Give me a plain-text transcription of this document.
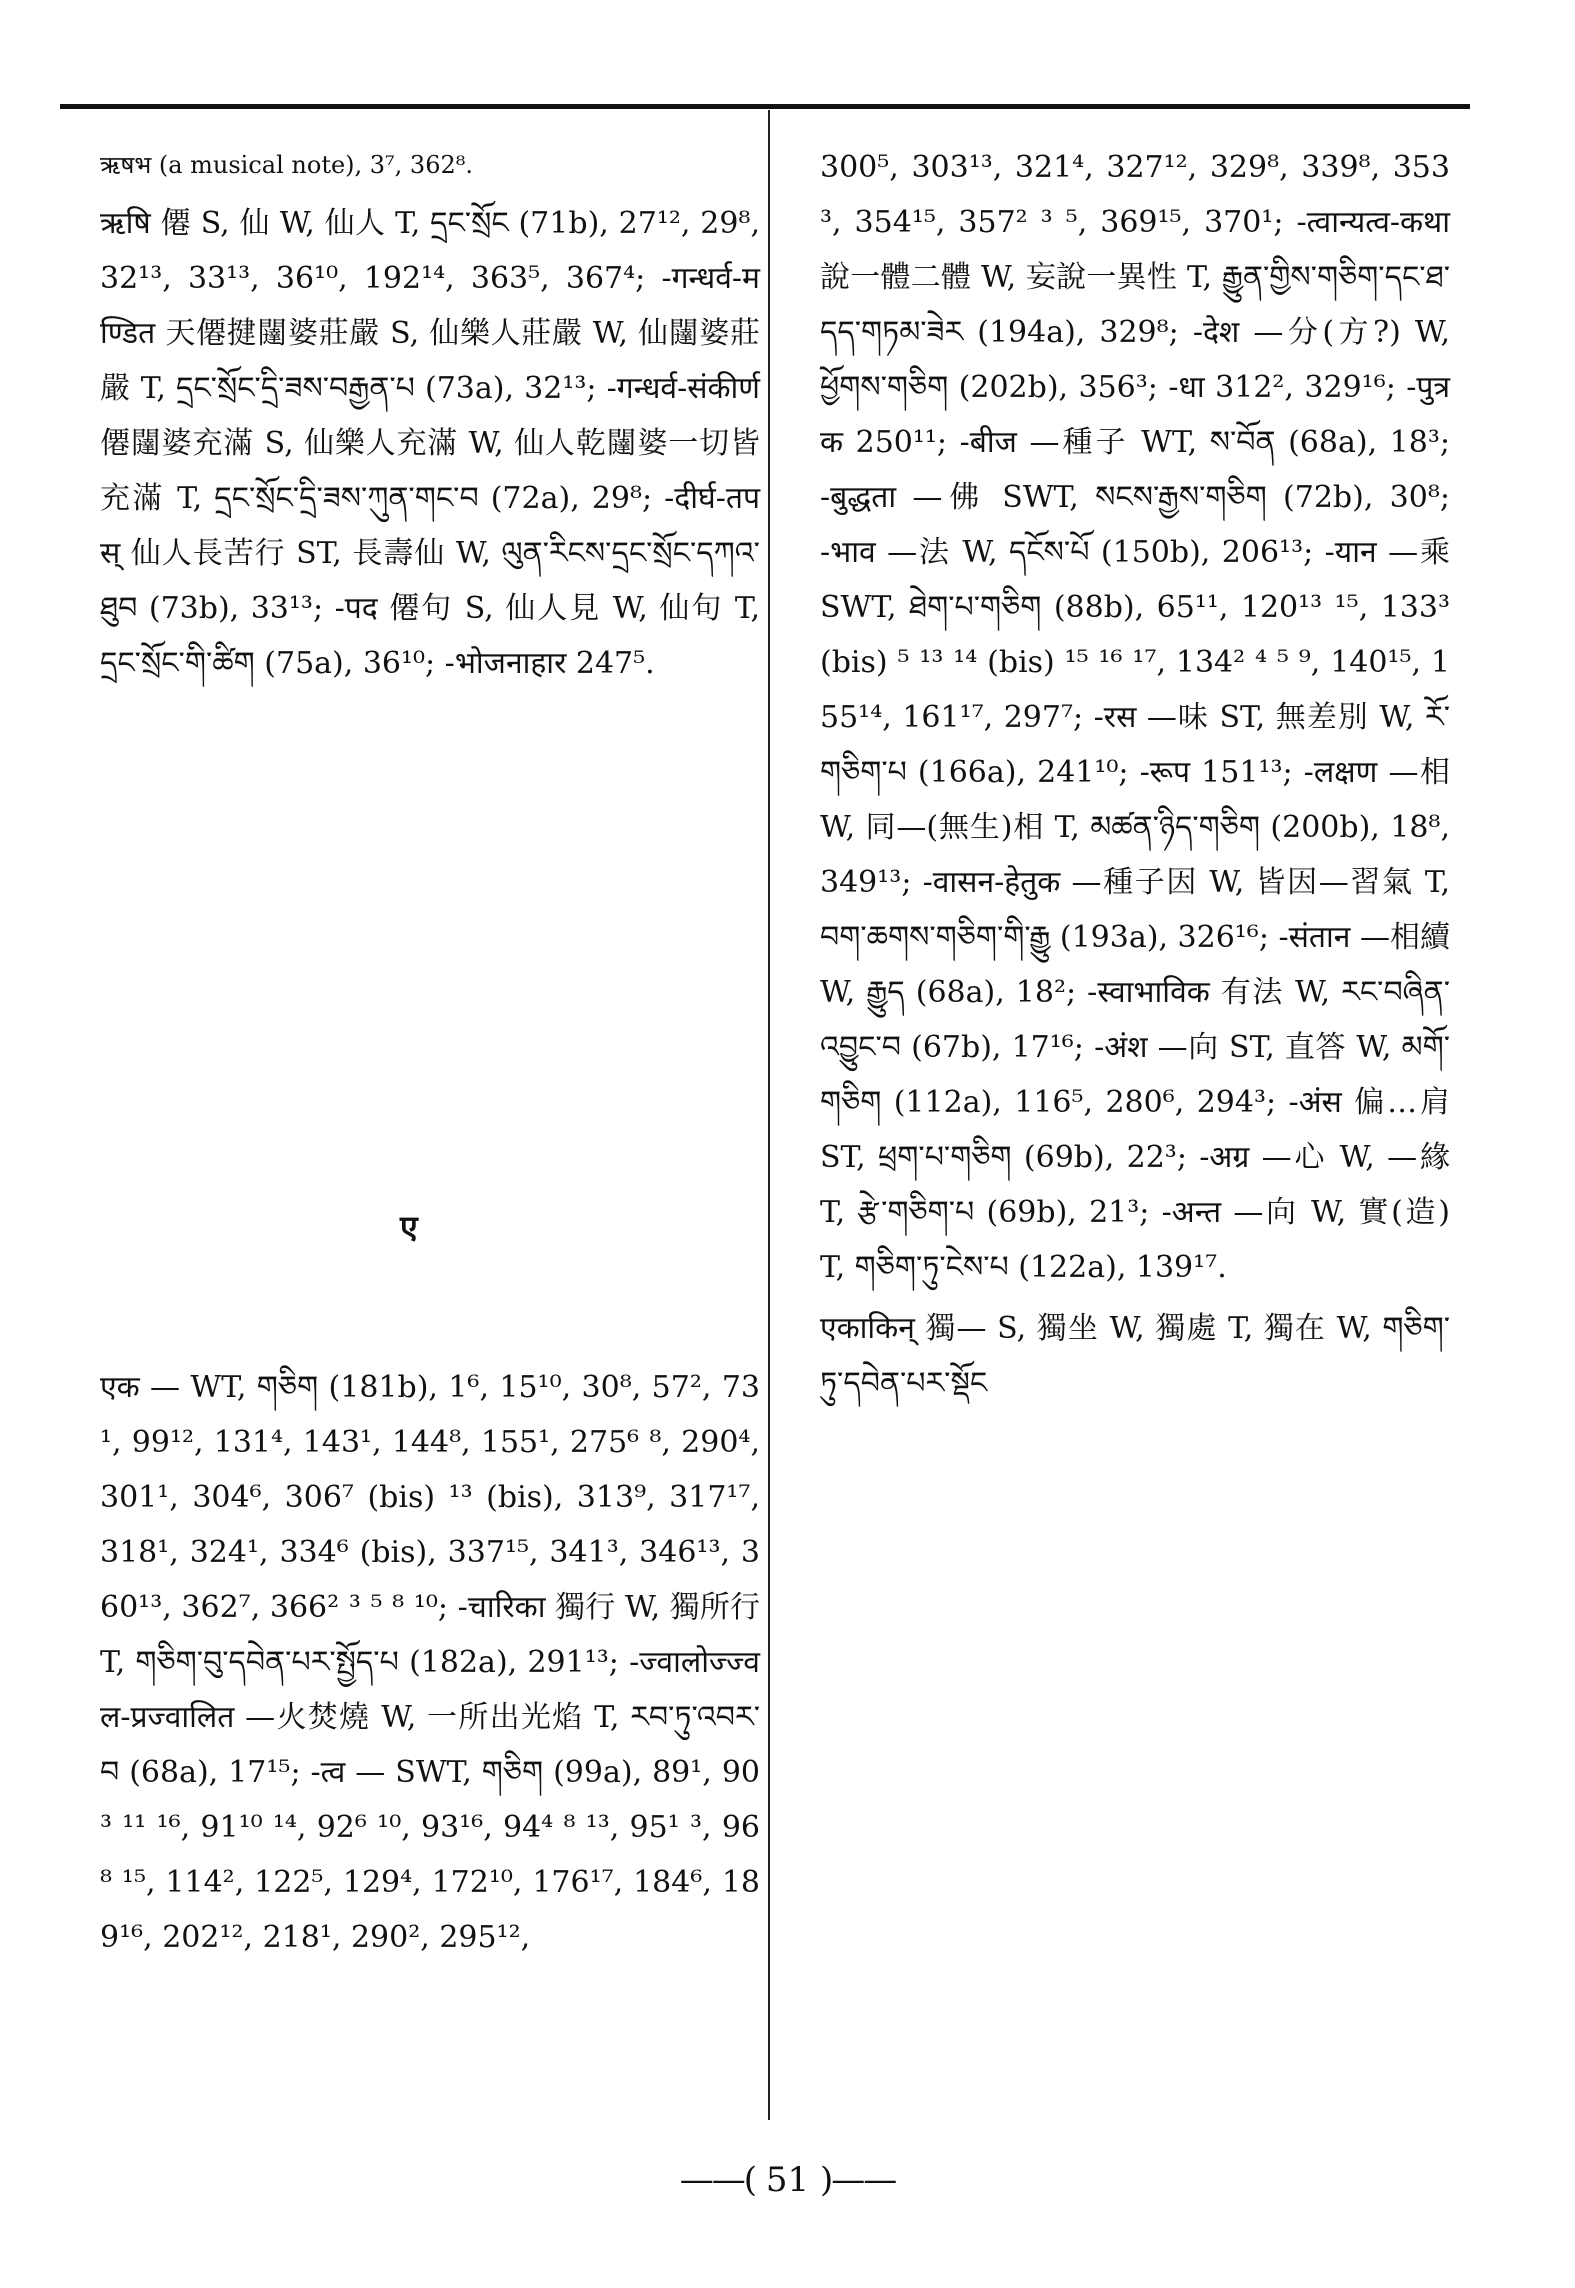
ऋषभ (a musical note), 3⁷, 362⁸.

ऋषि 僊 S, 仙 W, 仙人 T, དྲང་སྲོང (71b), 27¹², 29⁸, 32¹³, 33¹³, 36¹⁰, 192¹⁴, 363⁵, 367⁴; -गन्धर्व-मण्डित 天僊揵闥婆莊嚴 S, 仙樂人莊嚴 W, 仙闥婆莊嚴 T, དྲང་སྲོང་དྲི་ཟས་བརྒྱན་པ (73a), 32¹³; -गन्धर्व-संकीर्ण 僊闥婆充滿 S, 仙樂人充滿 W, 仙人乾闥婆一切皆充滿 T, དྲང་སྲོང་དྲི་ཟས་ཀུན་གང་བ (72a), 29⁸; -दीर्घ-तपस् 仙人長苦行 ST, 長壽仙 W, ལུན་རིངས་དྲང་སྲོང་དཀའ་ཐུབ (73b), 33¹³; -पद 僊句 S, 仙人見 W, 仙句 T, དྲང་སྲོང་གི་ཚིག (75a), 36¹⁰; -भोजनाहार 247⁵.

ए

एक — WT, གཅིག (181b), 1⁶, 15¹⁰, 30⁸, 57², 73¹, 99¹², 131⁴, 143¹, 144⁸, 155¹, 275⁶ ⁸, 290⁴, 301¹, 304⁶, 306⁷ (bis) ¹³ (bis), 313⁹, 317¹⁷, 318¹, 324¹, 334⁶ (bis), 337¹⁵, 341³, 346¹³, 360¹³, 362⁷, 366² ³ ⁵ ⁸ ¹⁰; -चारिका 獨行 W, 獨所行 T, གཅིག་བུ་དབེན་པར་སྤྱོད་པ (182a), 291¹³; -ज्वालोज्ज्वल-प्रज्वालित —火焚燒 W, 一所出光焰 T, རབ་ཏུ་འབར་བ (68a), 17¹⁵; -त्व — SWT, གཅིག (99a), 89¹, 90³ ¹¹ ¹⁶, 91¹⁰ ¹⁴, 92⁶ ¹⁰, 93¹⁶, 94⁴ ⁸ ¹³, 95¹ ³, 96⁸ ¹⁵, 114², 122⁵, 129⁴, 172¹⁰, 176¹⁷, 184⁶, 189¹⁶, 202¹², 218¹, 290², 295¹²,

300⁵, 303¹³, 321⁴, 327¹², 329⁸, 339⁸, 353³, 354¹⁵, 357² ³ ⁵, 369¹⁵, 370¹; -त्वान्यत्व-कथा 說一體二體 W, 妄說一異性 T, རྒྱུན་གྱིས་གཅིག་དང་ཐ་དད་གཏམ་ཟེར (194a), 329⁸; -देश —分(方?) W, ཕྱོགས་གཅིག (202b), 356³; -धा 312², 329¹⁶; -पुत्रक 250¹¹; -बीज —種子 WT, ས་བོན (68a), 18³; -बुद्धता —佛 SWT, སངས་རྒྱས་གཅིག (72b), 30⁸; -भाव —法 W, དངོས་པོ (150b), 206¹³; -यान —乘 SWT, ཐེག་པ་གཅིག (88b), 65¹¹, 120¹³ ¹⁵, 133³ (bis) ⁵ ¹³ ¹⁴ (bis) ¹⁵ ¹⁶ ¹⁷, 134² ⁴ ⁵ ⁹, 140¹⁵, 155¹⁴, 161¹⁷, 297⁷; -रस —味 ST, 無差別 W, རོ་གཅིག་པ (166a), 241¹⁰; -रूप 151¹³; -लक्षण —相 W, 同—(無生)相 T, མཚན་ཉིད་གཅིག (200b), 18⁸, 349¹³; -वासन-हेतुक —種子因 W, 皆因—習氣 T, བག་ཆགས་གཅིག་གི་རྒྱུ (193a), 326¹⁶; -संतान —相續 W, རྒྱུད (68a), 18²; -स्वाभाविक 有法 W, རང་བཞིན་འབྱུང་བ (67b), 17¹⁶; -अंश —向 ST, 直答 W, མགོ་གཅིག (112a), 116⁵, 280⁶, 294³; -अंस 偏…肩 ST, ཕྲག་པ་གཅིག (69b), 22³; -अग्र —心 W, —緣 T, རྩེ་གཅིག་པ (69b), 21³; -अन्त —向 W, 實(造) T, གཅིག་ཏུ་ངེས་པ (122a), 139¹⁷.

एकाकिन् 獨— S, 獨坐 W, 獨處 T, 獨在 W, གཅིག་ཏུ་དབེན་པར་སྡོང

——( 51 )——
